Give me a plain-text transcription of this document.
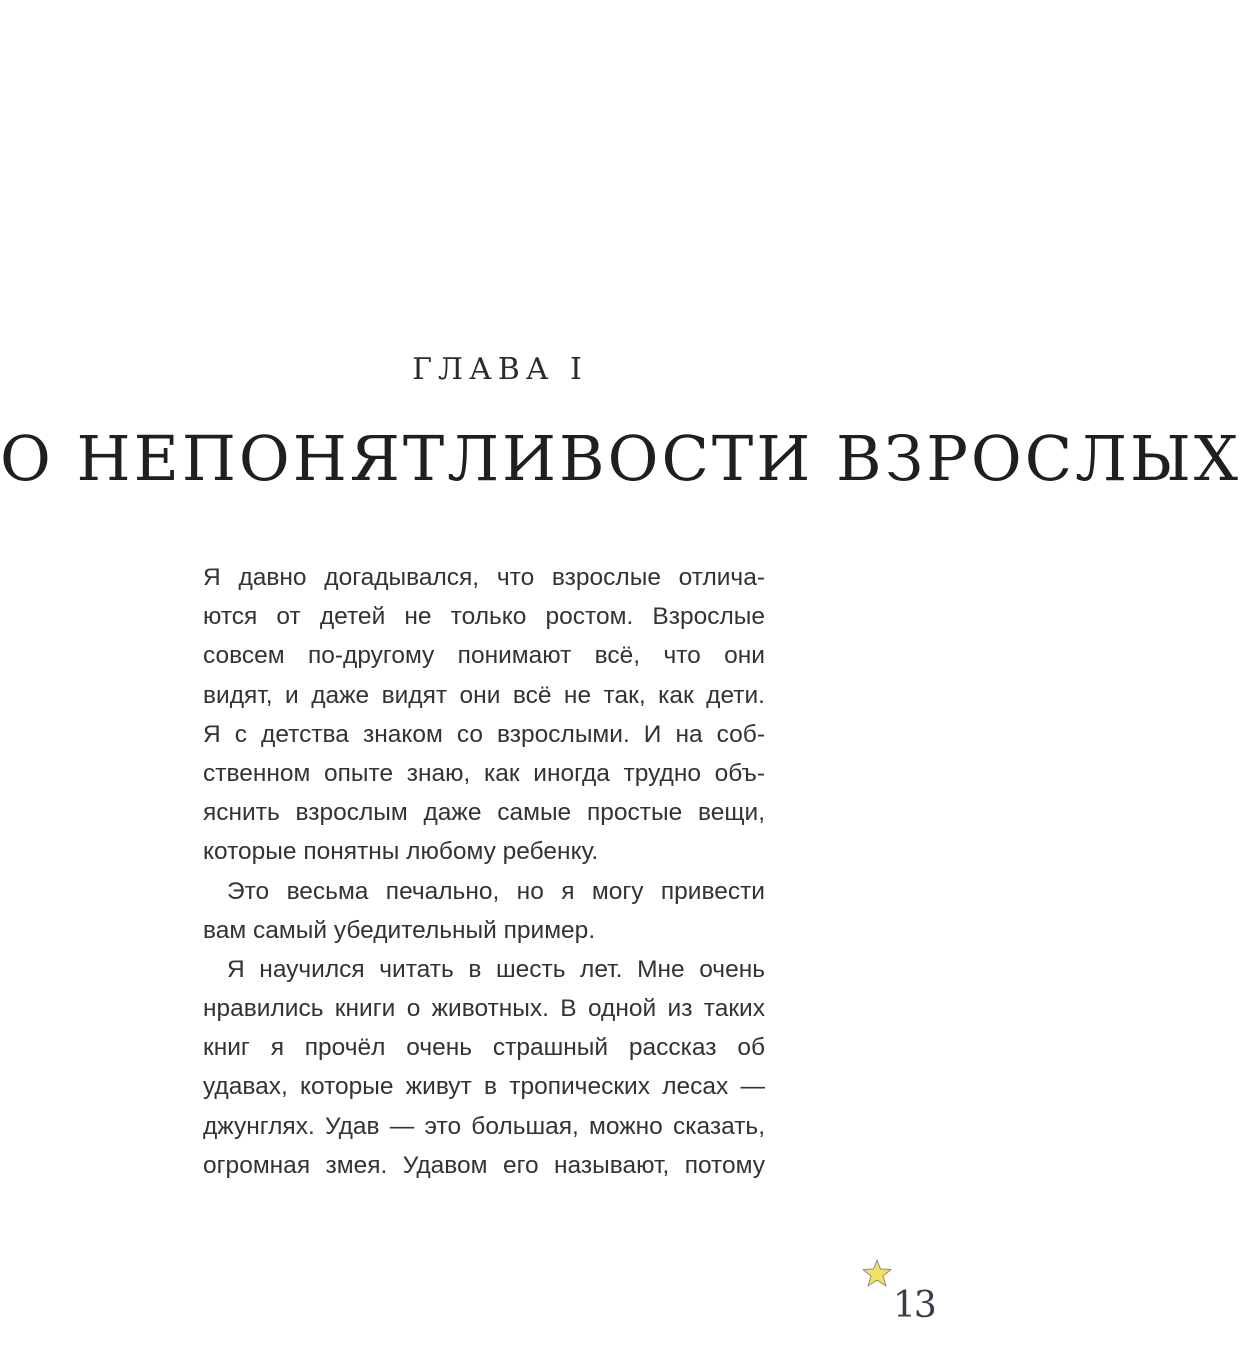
ГЛАВА I
О НЕПОНЯТЛИВОСТИ ВЗРОСЛЫХ
Я давно догадывался, что взрослые отлича-
ются от детей не только ростом. Взрослые
совсем по-другому понимают всё, что они
видят, и даже видят они всё не так, как дети.
Я с детства знаком со взрослыми. И на соб-
ственном опыте знаю, как иногда трудно объ-
яснить взрослым даже самые простые вещи,
которые понятны любому ребенку.
Это весьма печально, но я могу привести
вам самый убедительный пример.
Я научился читать в шесть лет. Мне очень
нравились книги о животных. В одной из таких
книг я прочёл очень страшный рассказ об
удавах, которые живут в тропических лесах —
джунглях. Удав — это большая, можно сказать,
огромная змея. Удавом его называют, потому
13
